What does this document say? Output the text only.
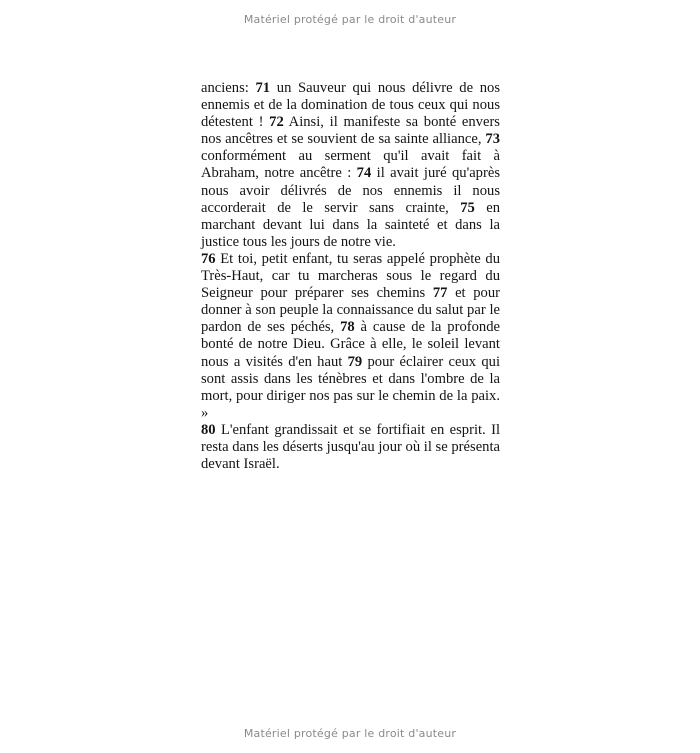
Matériel protégé par le droit d'auteur

anciens: 71 un Sauveur qui nous délivre de nos ennemis et de la domination de tous ceux qui nous détestent ! 72 Ainsi, il manifeste sa bonté envers nos ancêtres et se souvient de sa sainte alliance, 73 conformément au serment qu'il avait fait à Abraham, notre ancêtre : 74 il avait juré qu'après nous avoir délivrés de nos ennemis il nous accorderait de le servir sans crainte, 75 en marchant devant lui dans la sainteté et dans la justice tous les jours de notre vie.

76 Et toi, petit enfant, tu seras appelé prophète du Très-Haut, car tu marcheras sous le regard du Seigneur pour préparer ses chemins 77 et pour donner à son peuple la connaissance du salut par le pardon de ses péchés, 78 à cause de la profonde bonté de notre Dieu. Grâce à elle, le soleil levant nous a visités d'en haut 79 pour éclairer ceux qui sont assis dans les ténèbres et dans l'ombre de la mort, pour diriger nos pas sur le chemin de la paix. »

80 L'enfant grandissait et se fortifiait en esprit. Il resta dans les déserts jusqu'au jour où il se présenta devant Israël.

Matériel protégé par le droit d'auteur
